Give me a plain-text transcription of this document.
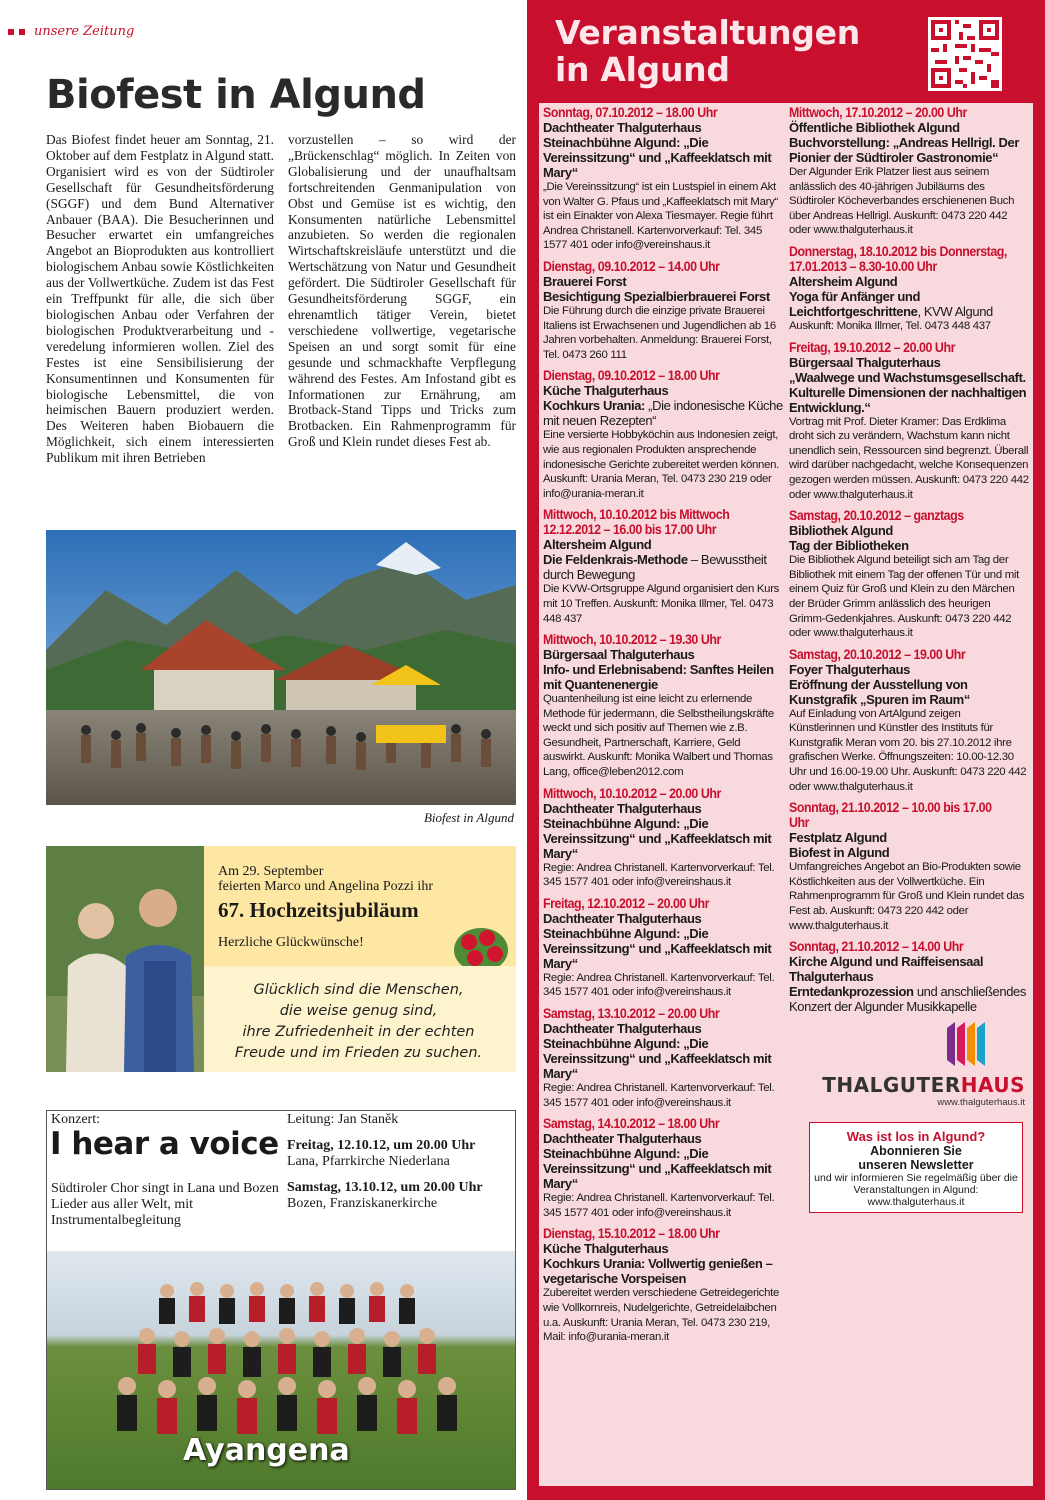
unsere Zeitung
Biofest in Algund

Das Biofest findet heuer am Sonntag, 21. Oktober auf dem Festplatz in Algund statt. Organisiert wird es von der Südtiroler Gesellschaft für Gesundheitsförderung (SGGF) und dem Bund Alternativer Anbauer (BAA). Die Besucherinnen und Besucher erwartet ein umfangreiches Angebot an Bioprodukten aus kontrolliert biologischem Anbau sowie Köstlichkeiten aus der Vollwertküche. Zudem ist das Fest ein Treffpunkt für alle, die sich über biologischen Anbau oder Verfahren der biologischen Produktverarbeitung und -veredelung informieren wollen. Ziel des Festes ist eine Sensibilisierung der Konsumentinnen und Konsumenten für biologische Lebensmittel, die von heimischen Bauern produziert werden. Des Weiteren haben Biobauern die Möglichkeit, sich einem interessierten Publikum mit ihren Betrieben

vorzustellen – so wird der „Brückenschlag“ möglich. In Zeiten von Globalisierung und der unaufhaltsam fortschreitenden Genmanipulation von Obst und Gemüse ist es wichtig, den Konsumenten natürliche Lebensmittel anzubieten. So werden die regionalen Wirtschaftskreisläufe unterstützt und die Wertschätzung von Natur und Gesundheit gefördert. Die Südtiroler Gesellschaft für Gesundheitsförderung SGGF, ein ehrenamtlich tätiger Verein, bietet verschiedene vollwertige, vegetarische Speisen an und sorgt somit für eine gesunde und schmackhafte Verpflegung während des Festes. Am Infostand gibt es Informationen zur Ernährung, am Brotback-Stand Tipps und Tricks zum Brotbacken. Ein Rahmenprogramm für Groß und Klein rundet dieses Fest ab.

Biofest in Algund
Am 29. September
feierten Marco und Angelina Pozzi ihr
67. Hochzeitsjubiläum
Herzliche Glückwünsche!
Glücklich sind die Menschen,
die weise genug sind,
ihre Zufriedenheit in der echten
Freude und im Frieden zu suchen.
Konzert:
I hear a voice
Südtiroler Chor singt in Lana und Bozen Lieder aus aller Welt, mit Instrumentalbegleitung
Leitung: Jan Staněk
Freitag, 12.10.12, um 20.00 Uhr
Lana, Pfarrkirche Niederlana
Samstag, 13.10.12, um 20.00 Uhr
Bozen, Franziskanerkirche
Ayangena
Veranstaltungen
in Algund
Sonntag, 07.10.2012 – 18.00 Uhr
Dachtheater Thalguterhaus
Steinachbühne Algund: „Die Vereinssitzung“ und „Kaffeeklatsch mit Mary“
„Die Vereinssitzung“ ist ein Lustspiel in einem Akt von Walter G. Pfaus und „Kaffeeklatsch mit Mary“ ist ein Einakter von Alexa Tiesmayer. Regie führt Andrea Christanell. Kartenvorverkauf: Tel. 345 1577 401 oder info@vereinshaus.it
Dienstag, 09.10.2012 – 14.00 Uhr
Brauerei Forst
Besichtigung Spezialbierbrauerei Forst
Die Führung durch die einzige private Brauerei Italiens ist Erwachsenen und Jugendlichen ab 16 Jahren vorbehalten. Anmeldung: Brauerei Forst, Tel. 0473 260 111
Dienstag, 09.10.2012 – 18.00 Uhr
Küche Thalguterhaus
Kochkurs Urania: „Die indonesische Küche mit neuen Rezepten“
Eine versierte Hobbyköchin aus Indonesien zeigt, wie aus regionalen Produkten ansprechende indonesische Gerichte zubereitet werden können. Auskunft: Urania Meran, Tel. 0473 230 219 oder info@urania-meran.it
Mittwoch, 10.10.2012 bis Mittwoch 12.12.2012 – 16.00 bis 17.00 Uhr
Altersheim Algund
Die Feldenkrais-Methode – Bewusstheit durch Bewegung
Die KVW-Ortsgruppe Algund organisiert den Kurs mit 10 Treffen. Auskunft: Monika Illmer, Tel. 0473 448 437
Mittwoch, 10.10.2012 – 19.30 Uhr
Bürgersaal Thalguterhaus
Info- und Erlebnisabend: Sanftes Heilen mit Quantenenergie
Quantenheilung ist eine leicht zu erlernende Methode für jedermann, die Selbstheilungskräfte weckt und sich positiv auf Themen wie z.B. Gesundheit, Partnerschaft, Karriere, Geld auswirkt. Auskunft: Monika Walbert und Thomas Lang, office@leben2012.com
Mittwoch, 10.10.2012 – 20.00 Uhr
Dachtheater Thalguterhaus
Steinachbühne Algund: „Die Vereinssitzung“ und „Kaffeeklatsch mit Mary“
Regie: Andrea Christanell. Kartenvorverkauf: Tel. 345 1577 401 oder info@vereinshaus.it
Freitag, 12.10.2012 – 20.00 Uhr
Dachtheater Thalguterhaus
Steinachbühne Algund: „Die Vereinssitzung“ und „Kaffeeklatsch mit Mary“
Regie: Andrea Christanell. Kartenvorverkauf: Tel. 345 1577 401 oder info@vereinshaus.it
Samstag, 13.10.2012 – 20.00 Uhr
Dachtheater Thalguterhaus
Steinachbühne Algund: „Die Vereinssitzung“ und „Kaffeeklatsch mit Mary“
Regie: Andrea Christanell. Kartenvorverkauf: Tel. 345 1577 401 oder info@vereinshaus.it
Samstag, 14.10.2012 – 18.00 Uhr
Dachtheater Thalguterhaus
Steinachbühne Algund: „Die Vereinssitzung“ und „Kaffeeklatsch mit Mary“
Regie: Andrea Christanell. Kartenvorverkauf: Tel. 345 1577 401 oder info@vereinshaus.it
Dienstag, 15.10.2012 – 18.00 Uhr
Küche Thalguterhaus
Kochkurs Urania: Vollwertig genießen – vegetarische Vorspeisen
Zubereitet werden verschiedene Getreidegerichte wie Vollkornreis, Nudelgerichte, Getreidelaibchen u.a. Auskunft: Urania Meran, Tel. 0473 230 219, Mail: info@urania-meran.it
Mittwoch, 17.10.2012 – 20.00 Uhr
Öffentliche Bibliothek Algund
Buchvorstellung: „Andreas Hellrigl. Der Pionier der Südtiroler Gastronomie“
Der Algunder Erik Platzer liest aus seinem anlässlich des 40-jährigen Jubiläums des Südtiroler Köcheverbandes erschienenen Buch über Andreas Hellrigl. Auskunft: 0473 220 442 oder www.thalguterhaus.it
Donnerstag, 18.10.2012 bis Donnerstag, 17.01.2013 – 8.30-10.00 Uhr
Altersheim Algund
Yoga für Anfänger und Leichtfortgeschrittene, KVW Algund
Auskunft: Monika Illmer, Tel. 0473 448 437
Freitag, 19.10.2012 – 20.00 Uhr
Bürgersaal Thalguterhaus
„Waalwege und Wachstumsgesellschaft. Kulturelle Dimensionen der nachhaltigen Entwicklung.“
Vortrag mit Prof. Dieter Kramer: Das Erdklima droht sich zu verändern, Wachstum kann nicht unendlich sein, Ressourcen sind begrenzt. Überall wird darüber nachgedacht, welche Konsequenzen gezogen werden müssen. Auskunft: 0473 220 442 oder www.thalguterhaus.it
Samstag, 20.10.2012 – ganztags
Bibliothek Algund
Tag der Bibliotheken
Die Bibliothek Algund beteiligt sich am Tag der Bibliothek mit einem Tag der offenen Tür und mit einem Quiz für Groß und Klein zu den Märchen der Brüder Grimm anlässlich des heurigen Grimm-Gedenkjahres. Auskunft: 0473 220 442 oder www.thalguterhaus.it
Samstag, 20.10.2012 – 19.00 Uhr
Foyer Thalguterhaus
Eröffnung der Ausstellung von Kunstgrafik „Spuren im Raum“
Auf Einladung von ArtAlgund zeigen Künstlerinnen und Künstler des Instituts für Kunstgrafik Meran vom 20. bis 27.10.2012 ihre grafischen Werke. Öffnungszeiten: 10.00-12.30 Uhr und 16.00-19.00 Uhr. Auskunft: 0473 220 442 oder www.thalguterhaus.it
Sonntag, 21.10.2012 – 10.00 bis 17.00 Uhr
Festplatz Algund
Biofest in Algund
Umfangreiches Angebot an Bio-Produkten sowie Köstlichkeiten aus der Vollwertküche. Ein Rahmenprogramm für Groß und Klein rundet das Fest ab. Auskunft: 0473 220 442 oder www.thalguterhaus.it
Sonntag, 21.10.2012 – 14.00 Uhr
Kirche Algund und Raiffeisensaal Thalguterhaus
Erntedankprozession und anschließendes Konzert der Algunder Musikkapelle
THALGUTERHAUS
www.thalguterhaus.it
Was ist los in Algund?
Abonnieren Sie
unseren Newsletter
und wir informieren Sie regelmäßig über die Veranstaltungen in Algund:
www.thalguterhaus.it
